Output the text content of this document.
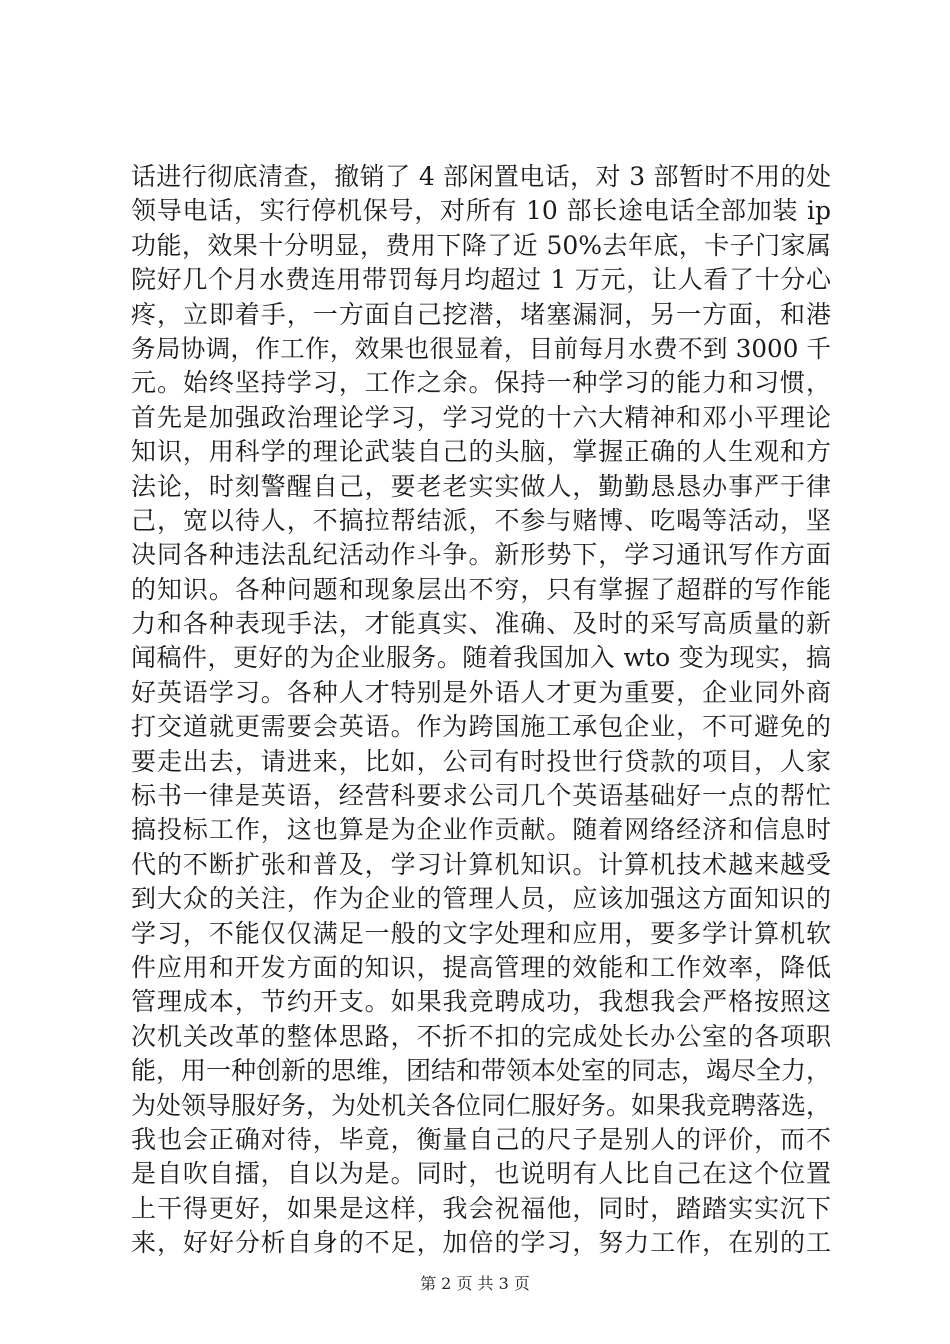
话进行彻底清查，撤销了 4 部闲置电话，对 3 部暂时不用的处
领导电话，实行停机保号，对所有 10 部长途电话全部加装 ip
功能，效果十分明显，费用下降了近 50%去年底，卡子门家属
院好几个月水费连用带罚每月均超过 1 万元，让人看了十分心
疼，立即着手，一方面自己挖潜，堵塞漏洞，另一方面，和港
务局协调，作工作，效果也很显着，目前每月水费不到 3000 千
元。始终坚持学习，工作之余。保持一种学习的能力和习惯，
首先是加强政治理论学习，学习党的十六大精神和邓小平理论
知识，用科学的理论武装自己的头脑，掌握正确的人生观和方
法论，时刻警醒自己，要老老实实做人，勤勤恳恳办事严于律
己，宽以待人，不搞拉帮结派，不参与赌博、吃喝等活动，坚
决同各种违法乱纪活动作斗争。新形势下，学习通讯写作方面
的知识。各种问题和现象层出不穷，只有掌握了超群的写作能
力和各种表现手法，才能真实、准确、及时的采写高质量的新
闻稿件，更好的为企业服务。随着我国加入 wto 变为现实，搞
好英语学习。各种人才特别是外语人才更为重要，企业同外商
打交道就更需要会英语。作为跨国施工承包企业，不可避免的
要走出去，请进来，比如，公司有时投世行贷款的项目，人家
标书一律是英语，经营科要求公司几个英语基础好一点的帮忙
搞投标工作，这也算是为企业作贡献。随着网络经济和信息时
代的不断扩张和普及，学习计算机知识。计算机技术越来越受
到大众的关注，作为企业的管理人员，应该加强这方面知识的
学习，不能仅仅满足一般的文字处理和应用，要多学计算机软
件应用和开发方面的知识，提高管理的效能和工作效率，降低
管理成本，节约开支。如果我竞聘成功，我想我会严格按照这
次机关改革的整体思路，不折不扣的完成处长办公室的各项职
能，用一种创新的思维，团结和带领本处室的同志，竭尽全力，
为处领导服好务，为处机关各位同仁服好务。如果我竞聘落选，
我也会正确对待，毕竟，衡量自己的尺子是别人的评价，而不
是自吹自擂，自以为是。同时，也说明有人比自己在这个位置
上干得更好，如果是这样，我会祝福他，同时，踏踏实实沉下
来，好好分析自身的不足，加倍的学习，努力工作，在别的工
第 2 页 共 3 页
